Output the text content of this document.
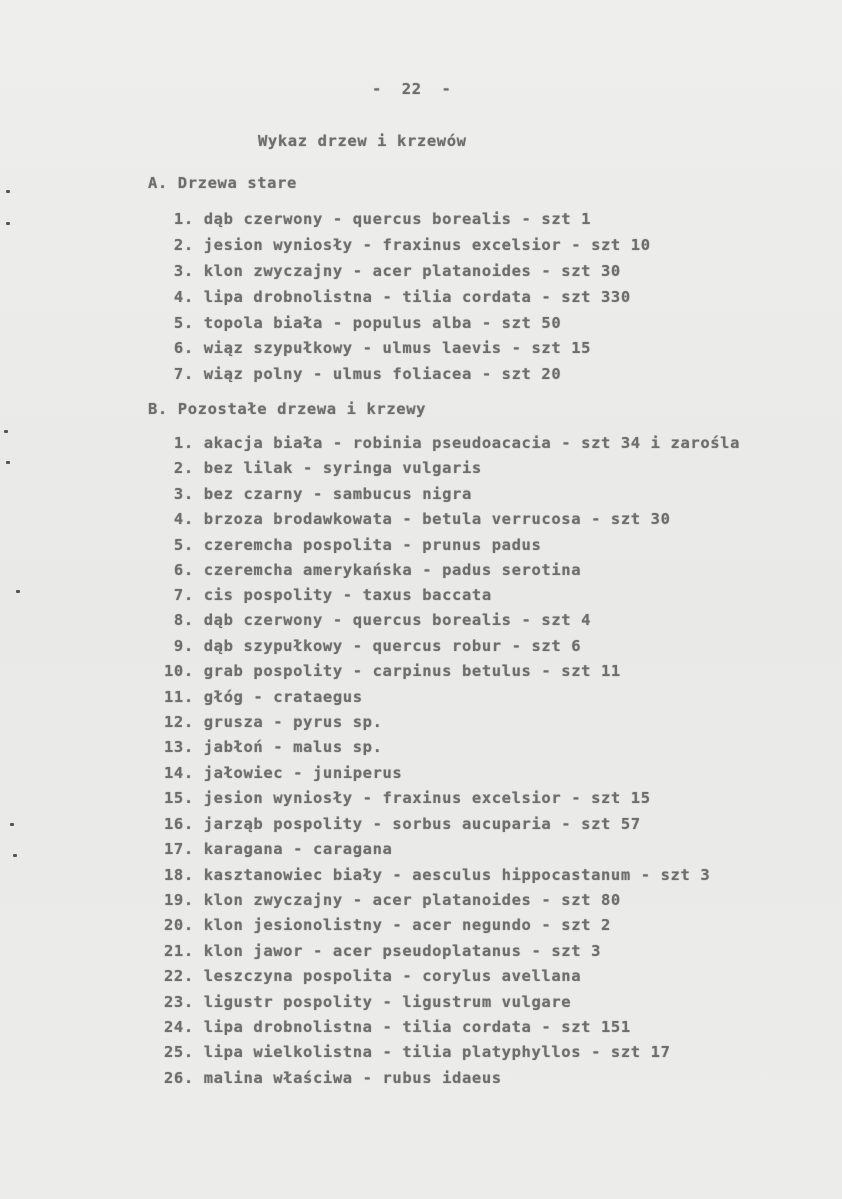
-  22  -
Wykaz drzew i krzewów
A. Drzewa stare
1. dąb czerwony - quercus borealis - szt 1
2. jesion wyniosły - fraxinus excelsior - szt 10
3. klon zwyczajny - acer platanoides - szt 30
4. lipa drobnolistna - tilia cordata - szt 330
5. topola biała - populus alba - szt 50
6. wiąz szypułkowy - ulmus laevis - szt 15
7. wiąz polny - ulmus foliacea - szt 20
B. Pozostałe drzewa i krzewy
1. akacja biała - robinia pseudoacacia - szt 34 i zarośla
2. bez lilak - syringa vulgaris
3. bez czarny - sambucus nigra
4. brzoza brodawkowata - betula verrucosa - szt 30
5. czeremcha pospolita - prunus padus
6. czeremcha amerykańska - padus serotina
7. cis pospolity - taxus baccata
8. dąb czerwony - quercus borealis - szt 4
9. dąb szypułkowy - quercus robur - szt 6
10. grab pospolity - carpinus betulus - szt 11
11. głóg - crataegus
12. grusza - pyrus sp.
13. jabłoń - malus sp.
14. jałowiec - juniperus
15. jesion wyniosły - fraxinus excelsior - szt 15
16. jarząb pospolity - sorbus aucuparia - szt 57
17. karagana - caragana
18. kasztanowiec biały - aesculus hippocastanum - szt 3
19. klon zwyczajny - acer platanoides - szt 80
20. klon jesionolistny - acer negundo - szt 2
21. klon jawor - acer pseudoplatanus - szt 3
22. leszczyna pospolita - corylus avellana
23. ligustr pospolity - ligustrum vulgare
24. lipa drobnolistna - tilia cordata - szt 151
25. lipa wielkolistna - tilia platyphyllos - szt 17
26. malina właściwa - rubus idaeus
